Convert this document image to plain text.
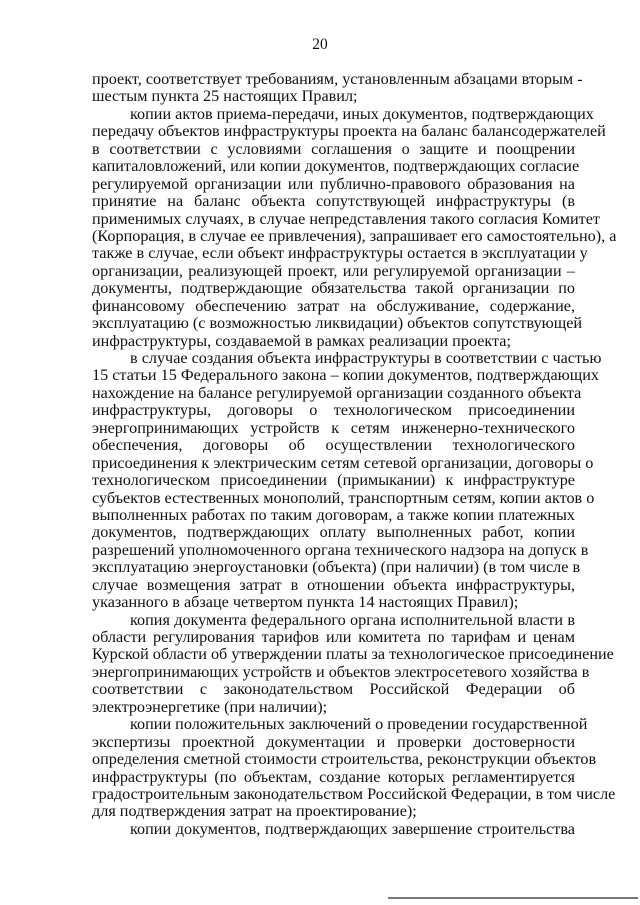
20
проект, соответствует требованиям, установленным абзацами вторым -
шестым пункта 25 настоящих Правил;
копии актов приема-передачи, иных документов, подтверждающих
передачу объектов инфраструктуры проекта на баланс балансодержателей
в соответствии с условиями соглашения о защите и поощрении
капиталовложений, или копии документов, подтверждающих согласие
регулируемой организации или публично-правового образования на
принятие на баланс объекта сопутствующей инфраструктуры (в
применимых случаях, в случае непредставления такого согласия Комитет
(Корпорация, в случае ее привлечения), запрашивает его самостоятельно), а
также в случае, если объект инфраструктуры остается в эксплуатации у
организации, реализующей проект, или регулируемой организации –
документы, подтверждающие обязательства такой организации по
финансовому обеспечению затрат на обслуживание, содержание,
эксплуатацию (с возможностью ликвидации) объектов сопутствующей
инфраструктуры, создаваемой в рамках реализации проекта;
в случае создания объекта инфраструктуры в соответствии с частью
15 статьи 15 Федерального закона – копии документов, подтверждающих
нахождение на балансе регулируемой организации созданного объекта
инфраструктуры, договоры о технологическом присоединении
энергопринимающих устройств к сетям инженерно-технического
обеспечения, договоры об осуществлении технологического
присоединения к электрическим сетям сетевой организации, договоры о
технологическом присоединении (примыкании) к инфраструктуре
субъектов естественных монополий, транспортным сетям, копии актов о
выполненных работах по таким договорам, а также копии платежных
документов, подтверждающих оплату выполненных работ, копии
разрешений уполномоченного органа технического надзора на допуск в
эксплуатацию энергоустановки (объекта) (при наличии) (в том числе в
случае возмещения затрат в отношении объекта инфраструктуры,
указанного в абзаце четвертом пункта 14 настоящих Правил);
копия документа федерального органа исполнительной власти в
области регулирования тарифов или комитета по тарифам и ценам
Курской области об утверждении платы за технологическое присоединение
энергопринимающих устройств и объектов электросетевого хозяйства в
соответствии с законодательством Российской Федерации об
электроэнергетике (при наличии);
копии положительных заключений о проведении государственной
экспертизы проектной документации и проверки достоверности
определения сметной стоимости строительства, реконструкции объектов
инфраструктуры (по объектам, создание которых регламентируется
градостроительным законодательством Российской Федерации, в том числе
для подтверждения затрат на проектирование);
копии документов, подтверждающих завершение строительства
